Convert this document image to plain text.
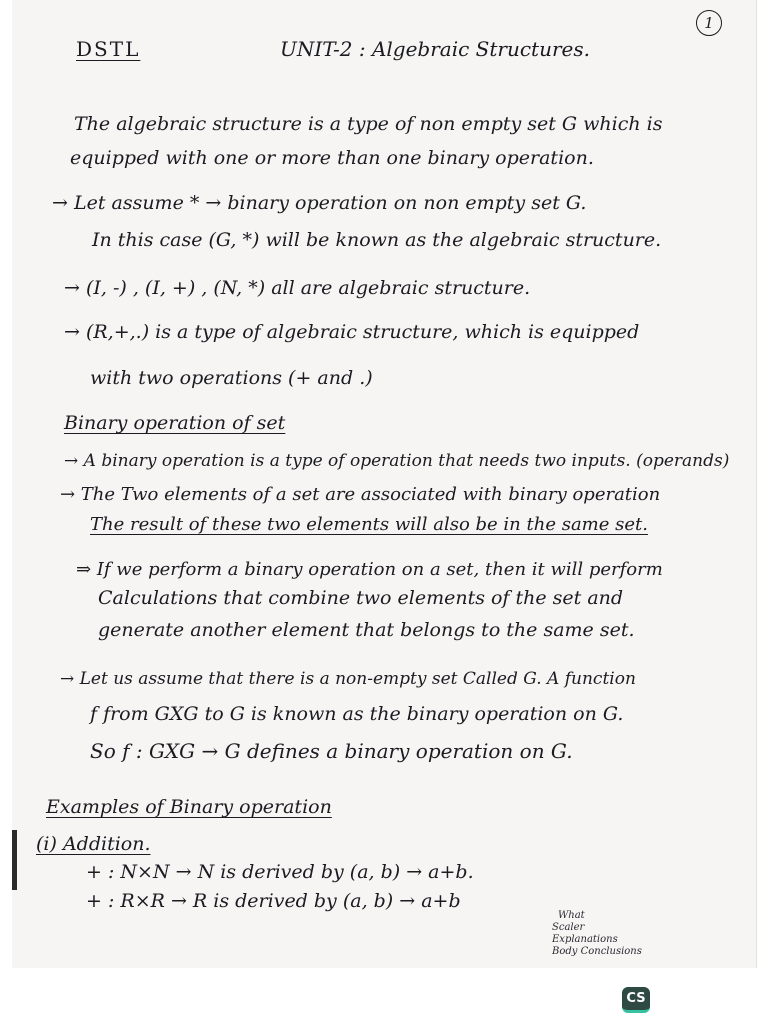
DSTL	UNIT-2 : Algebraic Structures.
1
The algebraic structure is a type of non empty set G which is
equipped with one or more than one binary operation.
→ Let assume * → binary operation on non empty set G.
In this case (G, *) will be known as the algebraic structure.
→ (I, -) , (I, +) , (N, *) all are algebraic structure.
→ (R,+,.) is a type of algebraic structure, which is equipped
with two operations (+ and .)
Binary operation of set
→ A binary operation is a type of operation that needs two inputs. (operands)
→ The Two elements of a set are associated with binary operation
The result of these two elements will also be in the same set.
⇒ If we perform a binary operation on a set, then it will perform
Calculations that combine two elements of the set and
generate another element that belongs to the same set.
→ Let us assume that there is a non-empty set Called G. A function
f from GXG to G is known as the binary operation on G.
So f : GXG → G defines a binary operation on G.
Examples of Binary operation
(i) Addition.
+ : N×N → N is derived by (a, b) → a+b.
+ : R×R → R is derived by (a, b) → a+b
What
Scaler
Explanations
Body Conclusions
CS
